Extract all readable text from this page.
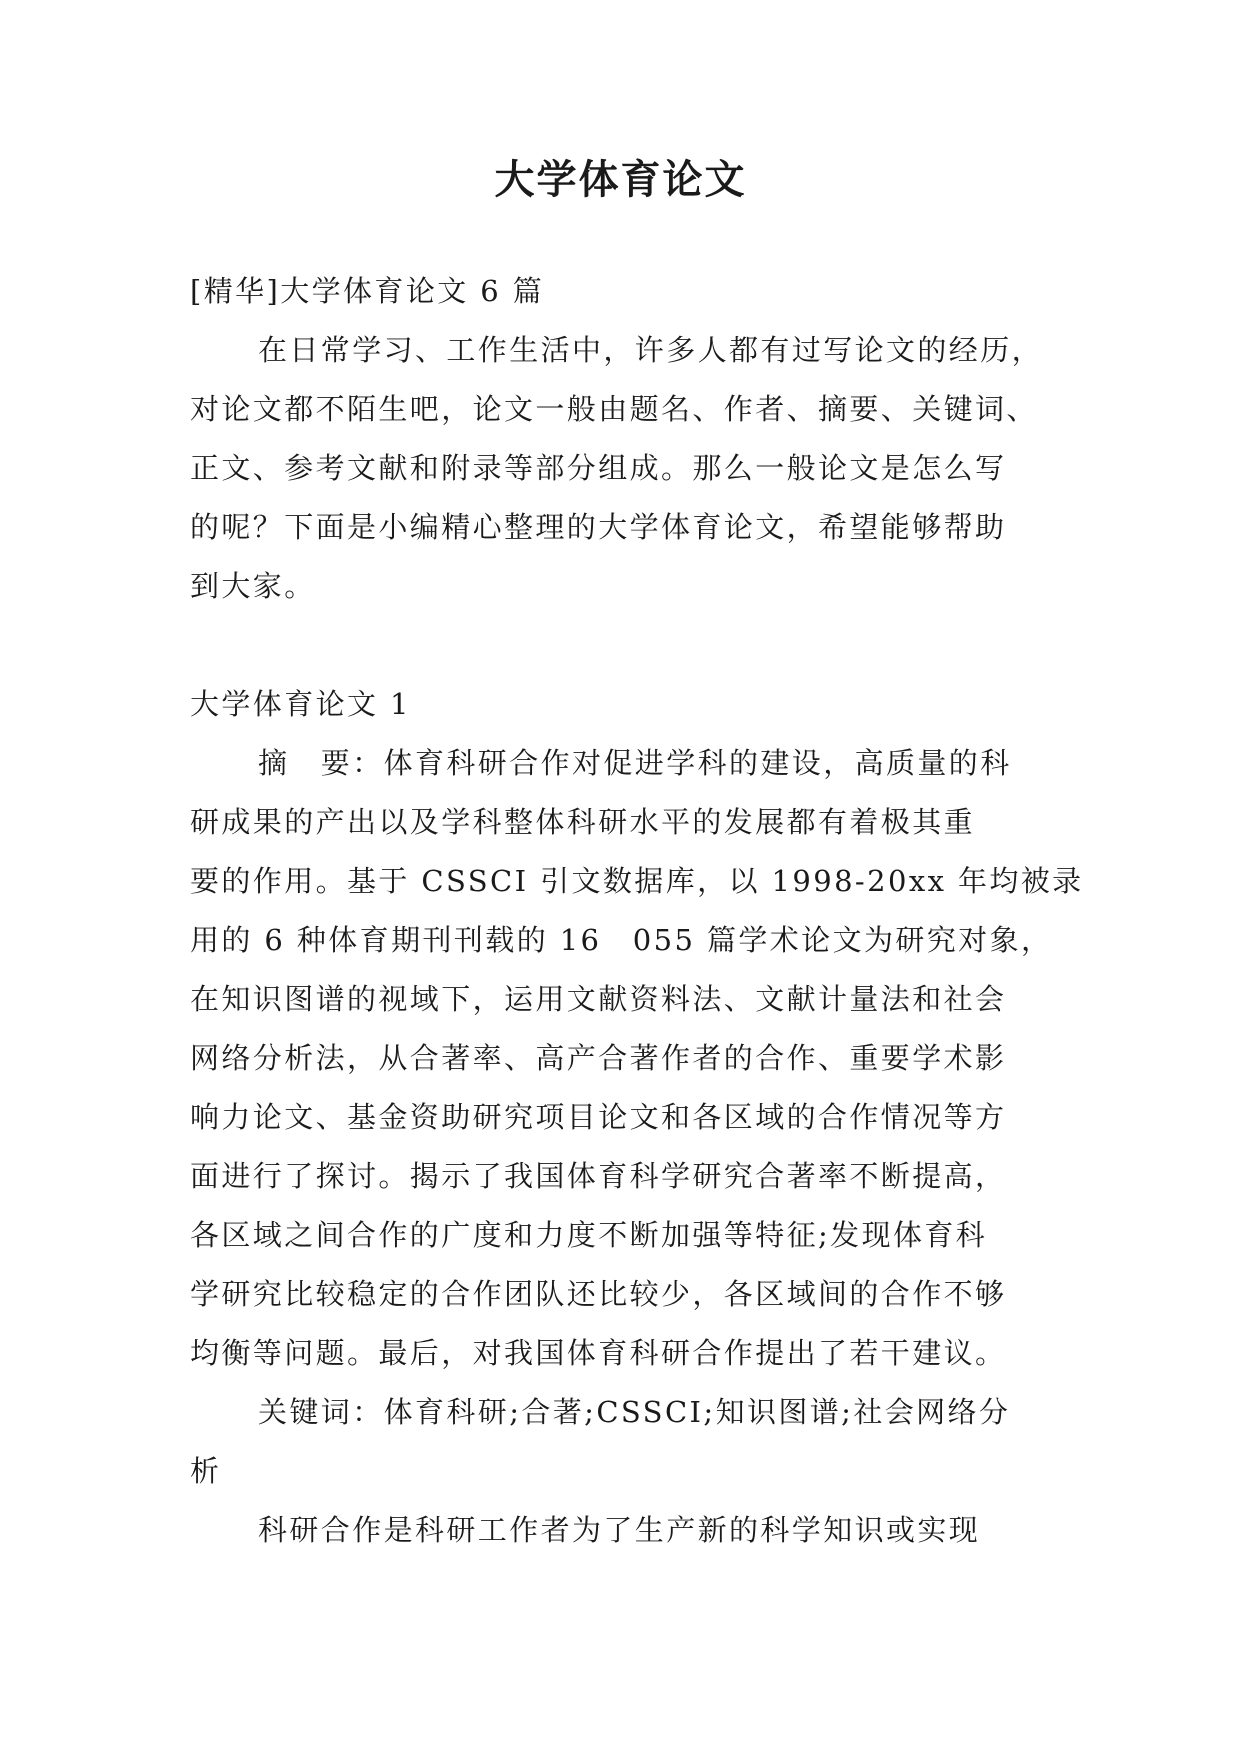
大学体育论文
[精华]大学体育论文 6 篇
在日常学习、工作生活中，许多人都有过写论文的经历，
对论文都不陌生吧，论文一般由题名、作者、摘要、关键词、
正文、参考文献和附录等部分组成。那么一般论文是怎么写
的呢？下面是小编精心整理的大学体育论文，希望能够帮助
到大家。
大学体育论文 1
摘　要：体育科研合作对促进学科的建设，高质量的科
研成果的产出以及学科整体科研水平的发展都有着极其重
要的作用。基于 CSSCI 引文数据库，以 1998-20xx 年均被录
用的 6 种体育期刊刊载的 16　055 篇学术论文为研究对象，
在知识图谱的视域下，运用文献资料法、文献计量法和社会
网络分析法，从合著率、高产合著作者的合作、重要学术影
响力论文、基金资助研究项目论文和各区域的合作情况等方
面进行了探讨。揭示了我国体育科学研究合著率不断提高，
各区域之间合作的广度和力度不断加强等特征;发现体育科
学研究比较稳定的合作团队还比较少，各区域间的合作不够
均衡等问题。最后，对我国体育科研合作提出了若干建议。
关键词：体育科研;合著;CSSCI;知识图谱;社会网络分
析
科研合作是科研工作者为了生产新的科学知识或实现
